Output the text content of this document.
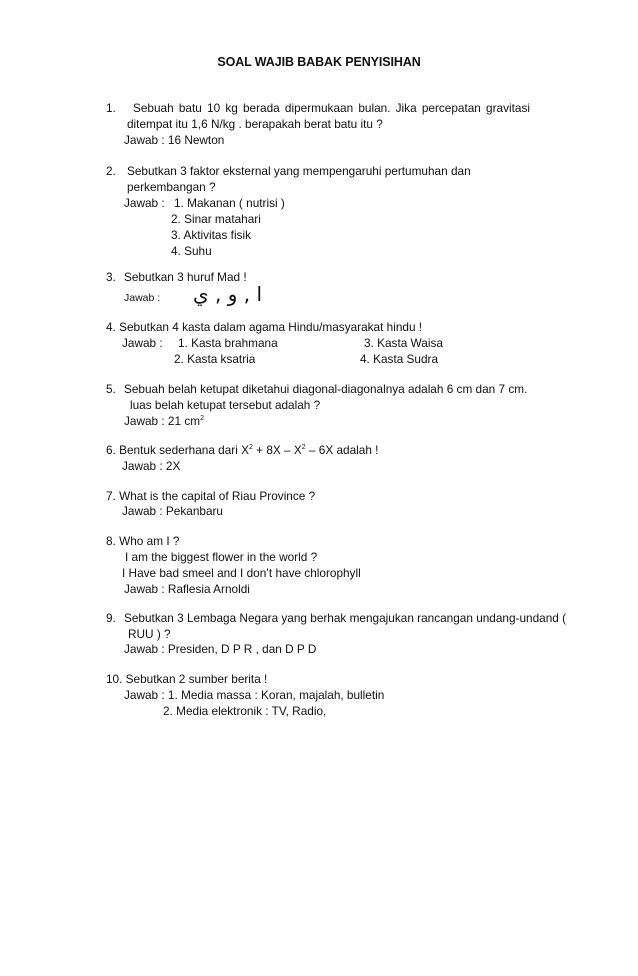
SOAL WAJIB BABAK PENYISIHAN
1. Sebuah batu 10 kg berada dipermukaan bulan. Jika percepatan gravitasi
ditempat itu 1,6 N/kg . berapakah berat batu itu ?
Jawab : 16 Newton
2. Sebutkan 3 faktor eksternal yang mempengaruhi pertumuhan dan
perkembangan ?
Jawab : 1. Makanan ( nutrisi )
2. Sinar matahari
3. Aktivitas fisik
4. Suhu
3. Sebutkan 3 huruf Mad !
Jawab : ا , و , ي
4. Sebutkan 4 kasta dalam agama Hindu/masyarakat hindu !
Jawab : 1. Kasta brahmana
2. Kasta ksatria
3. Kasta Waisa
4. Kasta Sudra
5. Sebuah belah ketupat diketahui diagonal-diagonalnya adalah 6 cm dan 7 cm.
luas belah ketupat tersebut adalah ?
Jawab : 21 $cm^2$
6. Bentuk sederhana dari $X^2 + 8X - X^2 - 6X$ adalah !
Jawab : 2X
7. What is the capital of Riau Province ?
Jawab : Pekanbaru
8. Who am I ?
I am the biggest flower in the world ?
I Have bad smeel and I don’t have chlorophyll
Jawab : Raflesia Arnoldi
9. Sebutkan 3 Lembaga Negara yang berhak mengajukan rancangan undang-undand (
RUU ) ?
Jawab : Presiden, D P R , dan D P D
10. Sebutkan 2 sumber berita !
Jawab : 1. Media massa : Koran, majalah, bulletin
2. Media elektronik : TV, Radio,
